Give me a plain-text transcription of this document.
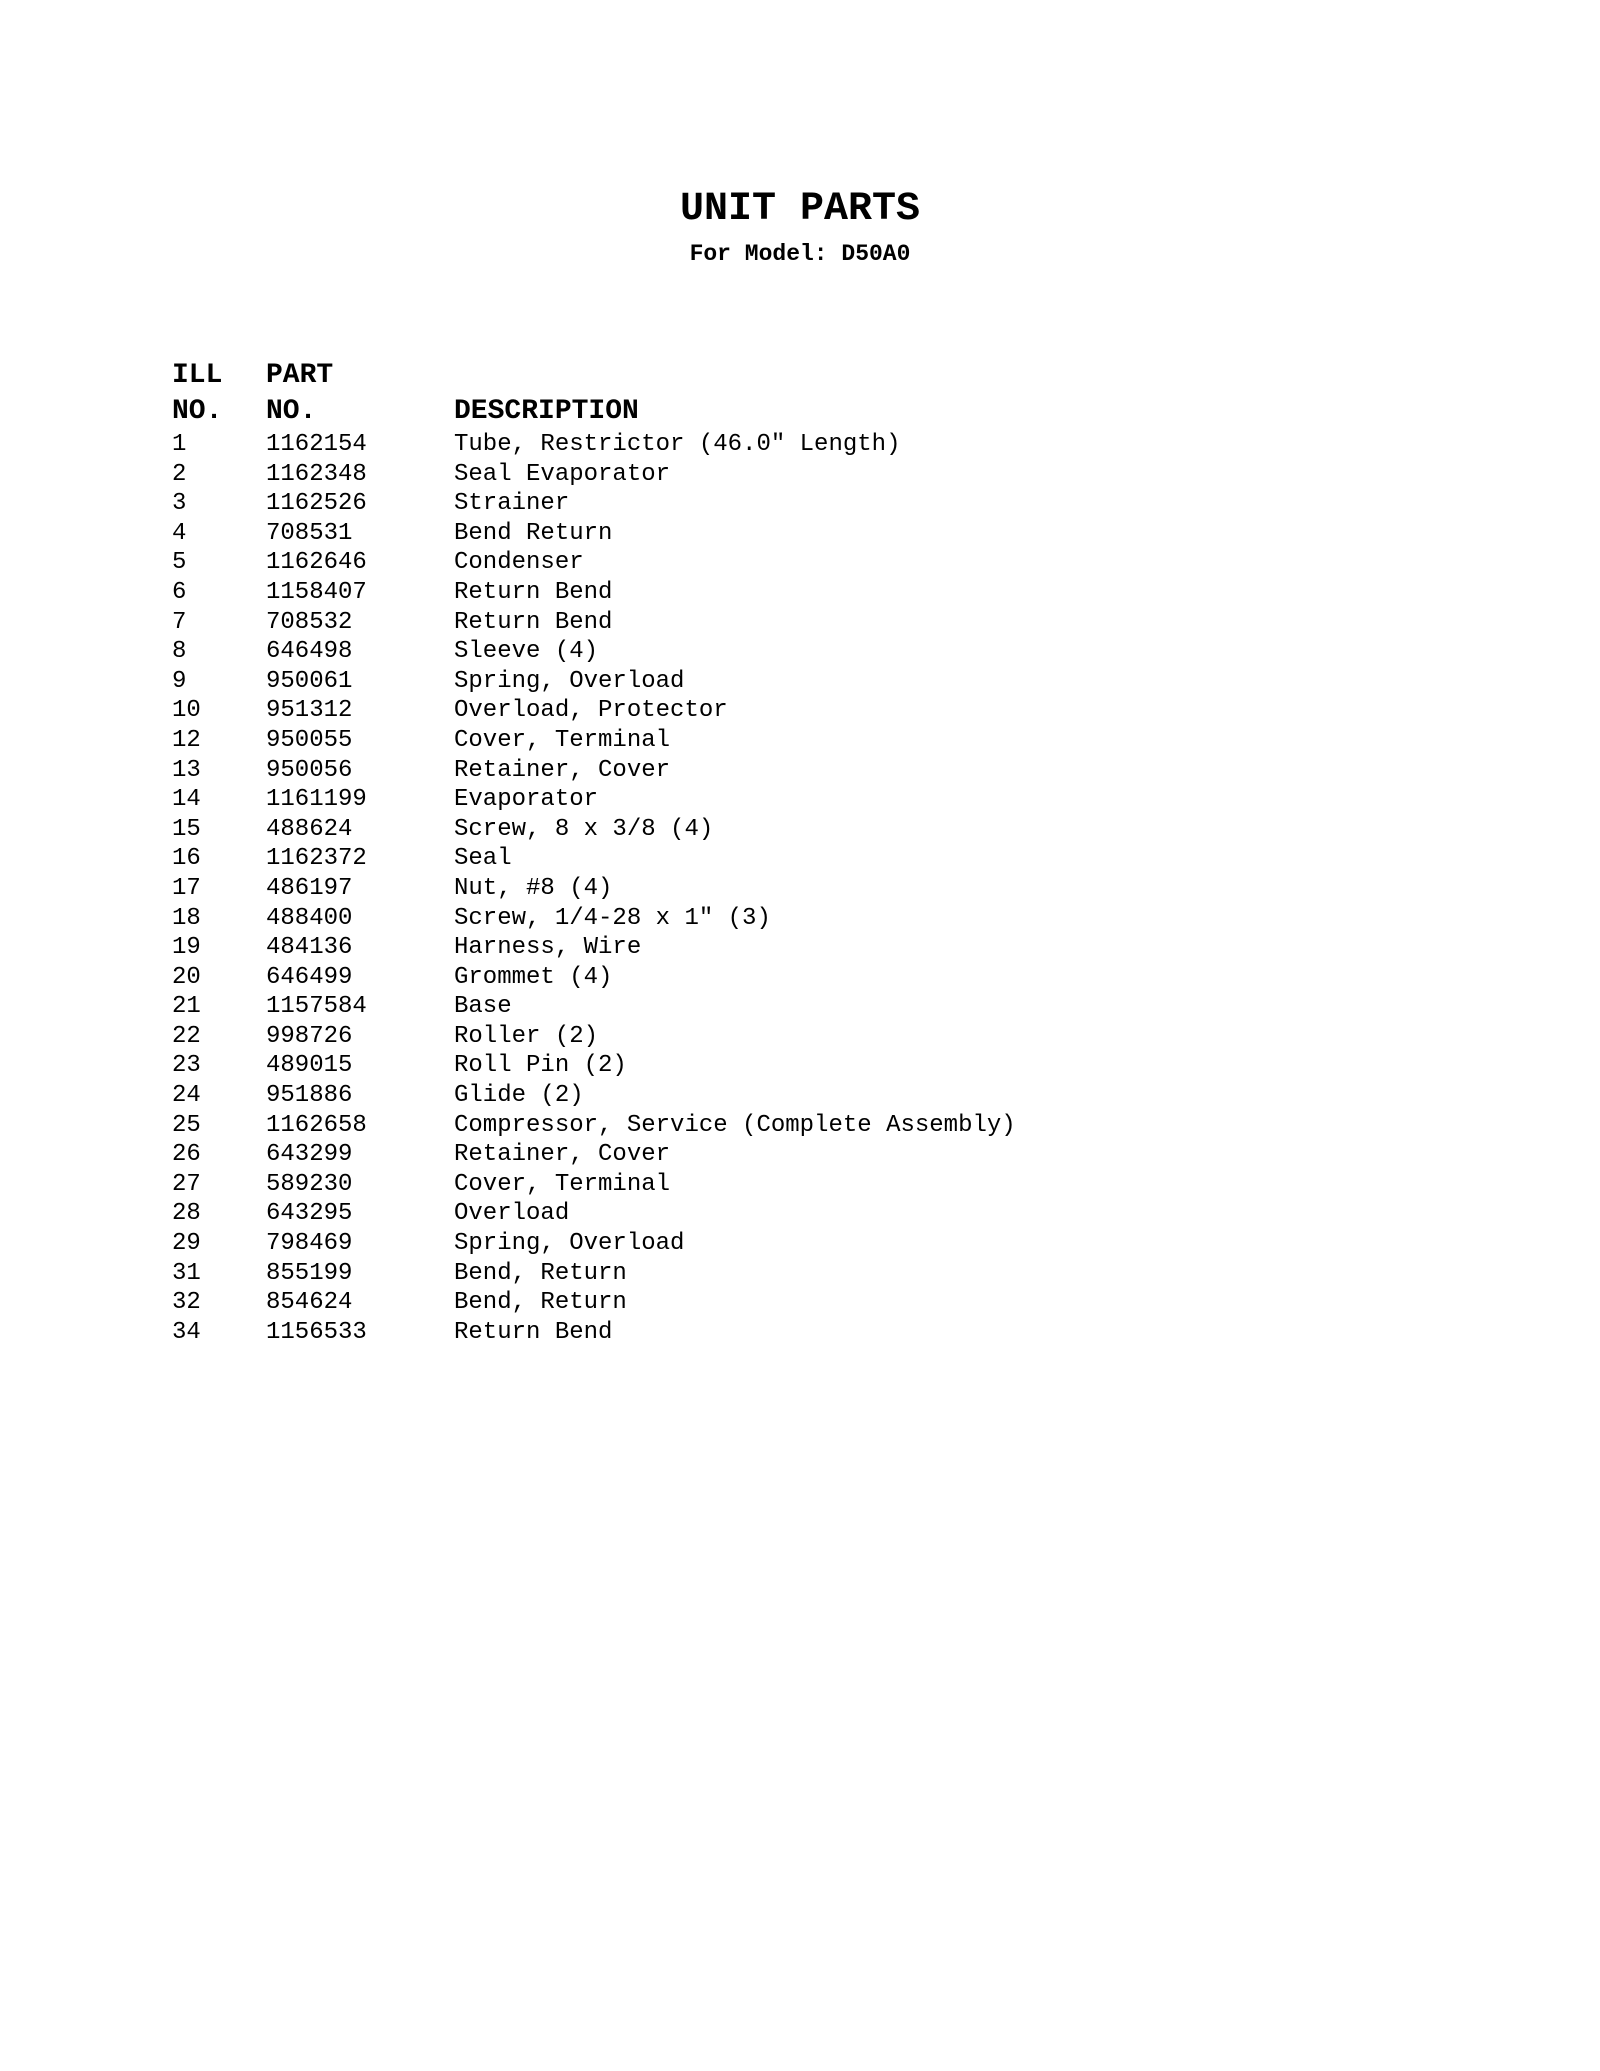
UNIT PARTS
For Model: D50A0
ILL	PART
NO.	NO.	DESCRIPTION
1	1162154	Tube, Restrictor (46.0" Length)
2	1162348	Seal Evaporator
3	1162526	Strainer
4	708531	Bend Return
5	1162646	Condenser
6	1158407	Return Bend
7	708532	Return Bend
8	646498	Sleeve (4)
9	950061	Spring, Overload
10	951312	Overload, Protector
12	950055	Cover, Terminal
13	950056	Retainer, Cover
14	1161199	Evaporator
15	488624	Screw, 8 x 3/8 (4)
16	1162372	Seal
17	486197	Nut, #8 (4)
18	488400	Screw, 1/4-28 x 1" (3)
19	484136	Harness, Wire
20	646499	Grommet (4)
21	1157584	Base
22	998726	Roller (2)
23	489015	Roll Pin (2)
24	951886	Glide (2)
25	1162658	Compressor, Service (Complete Assembly)
26	643299	Retainer, Cover
27	589230	Cover, Terminal
28	643295	Overload
29	798469	Spring, Overload
31	855199	Bend, Return
32	854624	Bend, Return
34	1156533	Return Bend
